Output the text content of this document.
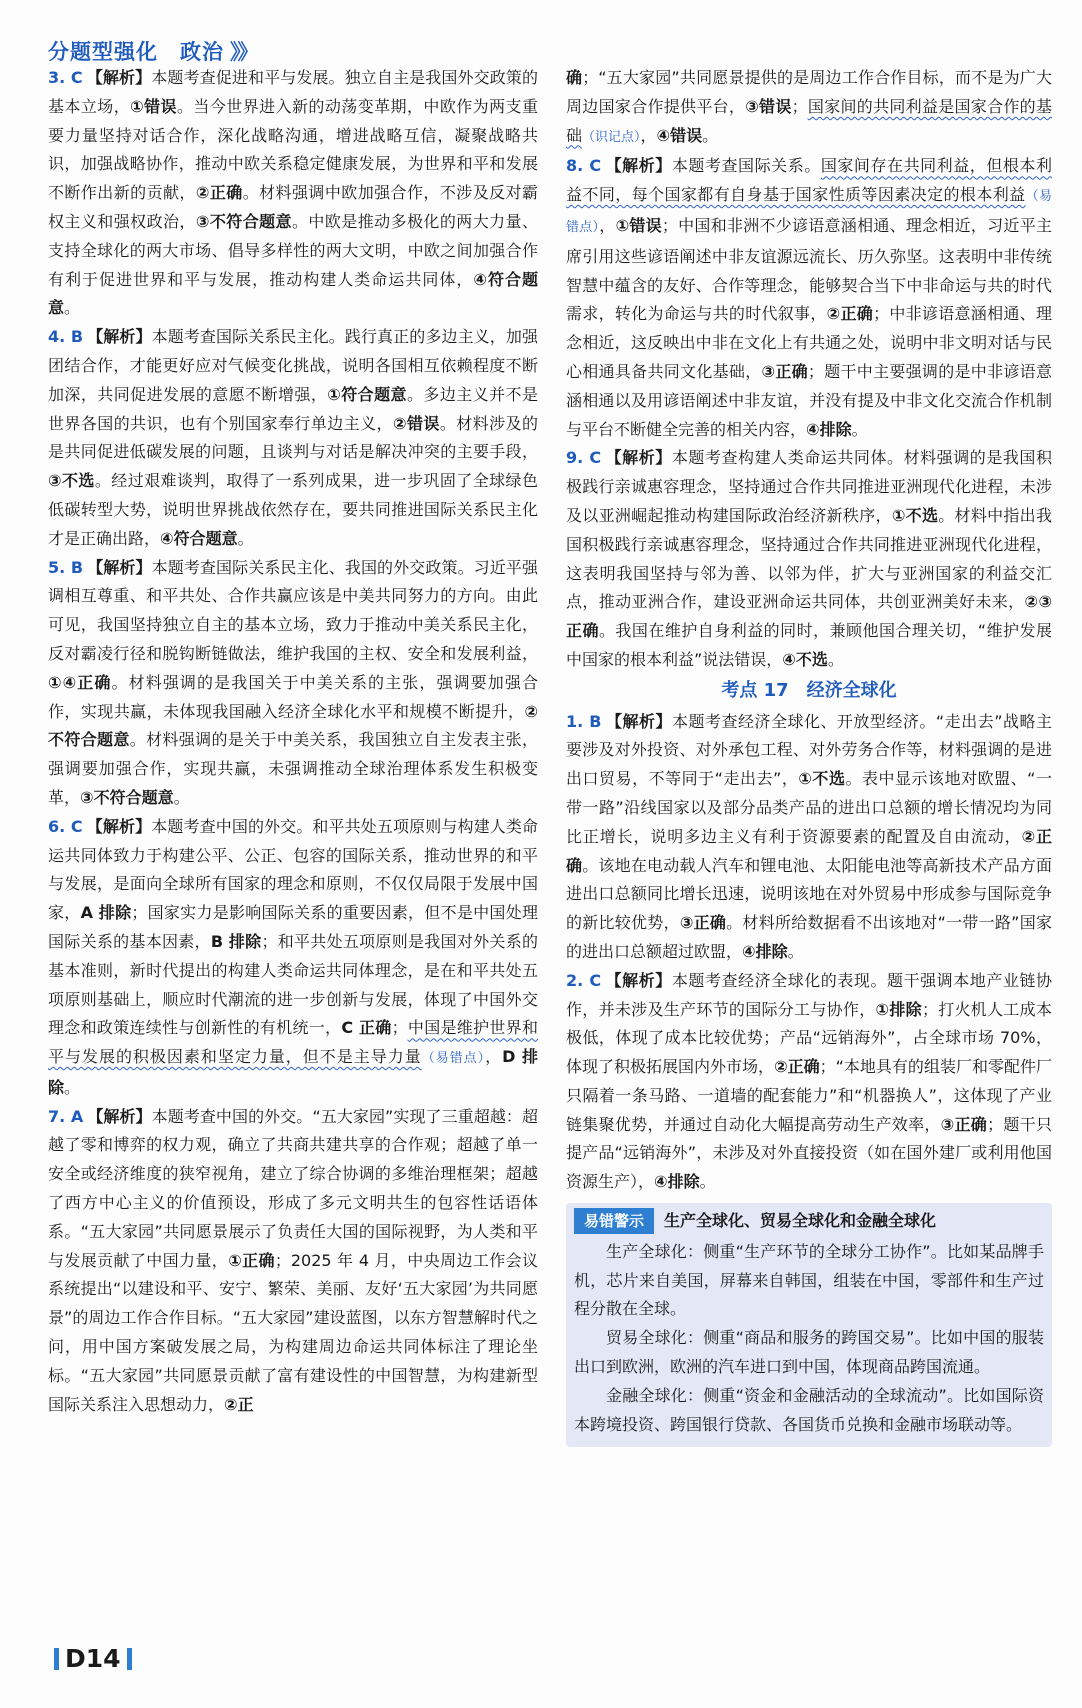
分题型强化　政治 》》

3. C 【解析】本题考查促进和平与发展。独立自主是我国外交政策的基本立场，①错误。当今世界进入新的动荡变革期，中欧作为两支重要力量坚持对话合作，深化战略沟通，增进战略互信，凝聚战略共识，加强战略协作，推动中欧关系稳定健康发展，为世界和平和发展不断作出新的贡献，②正确。材料强调中欧加强合作，不涉及反对霸权主义和强权政治，③不符合题意。中欧是推动多极化的两大力量、支持全球化的两大市场、倡导多样性的两大文明，中欧之间加强合作有利于促进世界和平与发展，推动构建人类命运共同体，④符合题意。

4. B 【解析】本题考查国际关系民主化。践行真正的多边主义，加强团结合作，才能更好应对气候变化挑战，说明各国相互依赖程度不断加深，共同促进发展的意愿不断增强，①符合题意。多边主义并不是世界各国的共识，也有个别国家奉行单边主义，②错误。材料涉及的是共同促进低碳发展的问题，且谈判与对话是解决冲突的主要手段，③不选。经过艰难谈判，取得了一系列成果，进一步巩固了全球绿色低碳转型大势，说明世界挑战依然存在，要共同推进国际关系民主化才是正确出路，④符合题意。

5. B 【解析】本题考查国际关系民主化、我国的外交政策。习近平强调相互尊重、和平共处、合作共赢应该是中美共同努力的方向。由此可见，我国坚持独立自主的基本立场，致力于推动中美关系民主化，反对霸凌行径和脱钩断链做法，维护我国的主权、安全和发展利益，①④正确。材料强调的是我国关于中美关系的主张，强调要加强合作，实现共赢，未体现我国融入经济全球化水平和规模不断提升，②不符合题意。材料强调的是关于中美关系，我国独立自主发表主张，强调要加强合作，实现共赢，未强调推动全球治理体系发生积极变革，③不符合题意。

6. C 【解析】本题考查中国的外交。和平共处五项原则与构建人类命运共同体致力于构建公平、公正、包容的国际关系，推动世界的和平与发展，是面向全球所有国家的理念和原则，不仅仅局限于发展中国家，A 排除；国家实力是影响国际关系的重要因素，但不是中国处理国际关系的基本因素，B 排除；和平共处五项原则是我国对外关系的基本准则，新时代提出的构建人类命运共同体理念，是在和平共处五项原则基础上，顺应时代潮流的进一步创新与发展，体现了中国外交理念和政策连续性与创新性的有机统一，C 正确；中国是维护世界和平与发展的积极因素和坚定力量，但不是主导力量（易错点），D 排除。

7. A 【解析】本题考查中国的外交。“五大家园”实现了三重超越：超越了零和博弈的权力观，确立了共商共建共享的合作观；超越了单一安全或经济维度的狭窄视角，建立了综合协调的多维治理框架；超越了西方中心主义的价值预设，形成了多元文明共生的包容性话语体系。“五大家园”共同愿景展示了负责任大国的国际视野，为人类和平与发展贡献了中国力量，①正确；2025 年 4 月，中央周边工作会议系统提出“以建设和平、安宁、繁荣、美丽、友好‘五大家园’为共同愿景”的周边工作合作目标。“五大家园”建设蓝图，以东方智慧解时代之问，用中国方案破发展之局，为构建周边命运共同体标注了理论坐标。“五大家园”共同愿景贡献了富有建设性的中国智慧，为构建新型国际关系注入思想动力，②正

确；“五大家园”共同愿景提供的是周边工作合作目标，而不是为广大周边国家合作提供平台，③错误；国家间的共同利益是国家合作的基础（识记点），④错误。

8. C 【解析】本题考查国际关系。国家间存在共同利益，但根本利益不同，每个国家都有自身基于国家性质等因素决定的根本利益（易错点），①错误；中国和非洲不少谚语意涵相通、理念相近，习近平主席引用这些谚语阐述中非友谊源远流长、历久弥坚。这表明中非传统智慧中蕴含的友好、合作等理念，能够契合当下中非命运与共的时代需求，转化为命运与共的时代叙事，②正确；中非谚语意涵相通、理念相近，这反映出中非在文化上有共通之处，说明中非文明对话与民心相通具备共同文化基础，③正确；题干中主要强调的是中非谚语意涵相通以及用谚语阐述中非友谊，并没有提及中非文化交流合作机制与平台不断健全完善的相关内容，④排除。

9. C 【解析】本题考查构建人类命运共同体。材料强调的是我国积极践行亲诚惠容理念，坚持通过合作共同推进亚洲现代化进程，未涉及以亚洲崛起推动构建国际政治经济新秩序，①不选。材料中指出我国积极践行亲诚惠容理念，坚持通过合作共同推进亚洲现代化进程，这表明我国坚持与邻为善、以邻为伴，扩大与亚洲国家的利益交汇点，推动亚洲合作，建设亚洲命运共同体，共创亚洲美好未来，②③正确。我国在维护自身利益的同时，兼顾他国合理关切，“维护发展中国家的根本利益”说法错误，④不选。

考点 17　经济全球化

1. B 【解析】本题考查经济全球化、开放型经济。“走出去”战略主要涉及对外投资、对外承包工程、对外劳务合作等，材料强调的是进出口贸易，不等同于“走出去”，①不选。表中显示该地对欧盟、“一带一路”沿线国家以及部分品类产品的进出口总额的增长情况均为同比正增长，说明多边主义有利于资源要素的配置及自由流动，②正确。该地在电动载人汽车和锂电池、太阳能电池等高新技术产品方面进出口总额同比增长迅速，说明该地在对外贸易中形成参与国际竞争的新比较优势，③正确。材料所给数据看不出该地对“一带一路”国家的进出口总额超过欧盟，④排除。

2. C 【解析】本题考查经济全球化的表现。题干强调本地产业链协作，并未涉及生产环节的国际分工与协作，①排除；打火机人工成本极低，体现了成本比较优势；产品“远销海外”，占全球市场 70%，体现了积极拓展国内外市场，②正确；“本地具有的组装厂和零配件厂只隔着一条马路、一道墙的配套能力”和“机器换人”，这体现了产业链集聚优势，并通过自动化大幅提高劳动生产效率，③正确；题干只提产品“远销海外”，未涉及对外直接投资（如在国外建厂或利用他国资源生产），④排除。

易错警示	生产全球化、贸易全球化和金融全球化

生产全球化：侧重“生产环节的全球分工协作”。比如某品牌手机，芯片来自美国，屏幕来自韩国，组装在中国，零部件和生产过程分散在全球。

贸易全球化：侧重“商品和服务的跨国交易”。比如中国的服装出口到欧洲，欧洲的汽车进口到中国，体现商品跨国流通。

金融全球化：侧重“资金和金融活动的全球流动”。比如国际资本跨境投资、跨国银行贷款、各国货币兑换和金融市场联动等。

D14
